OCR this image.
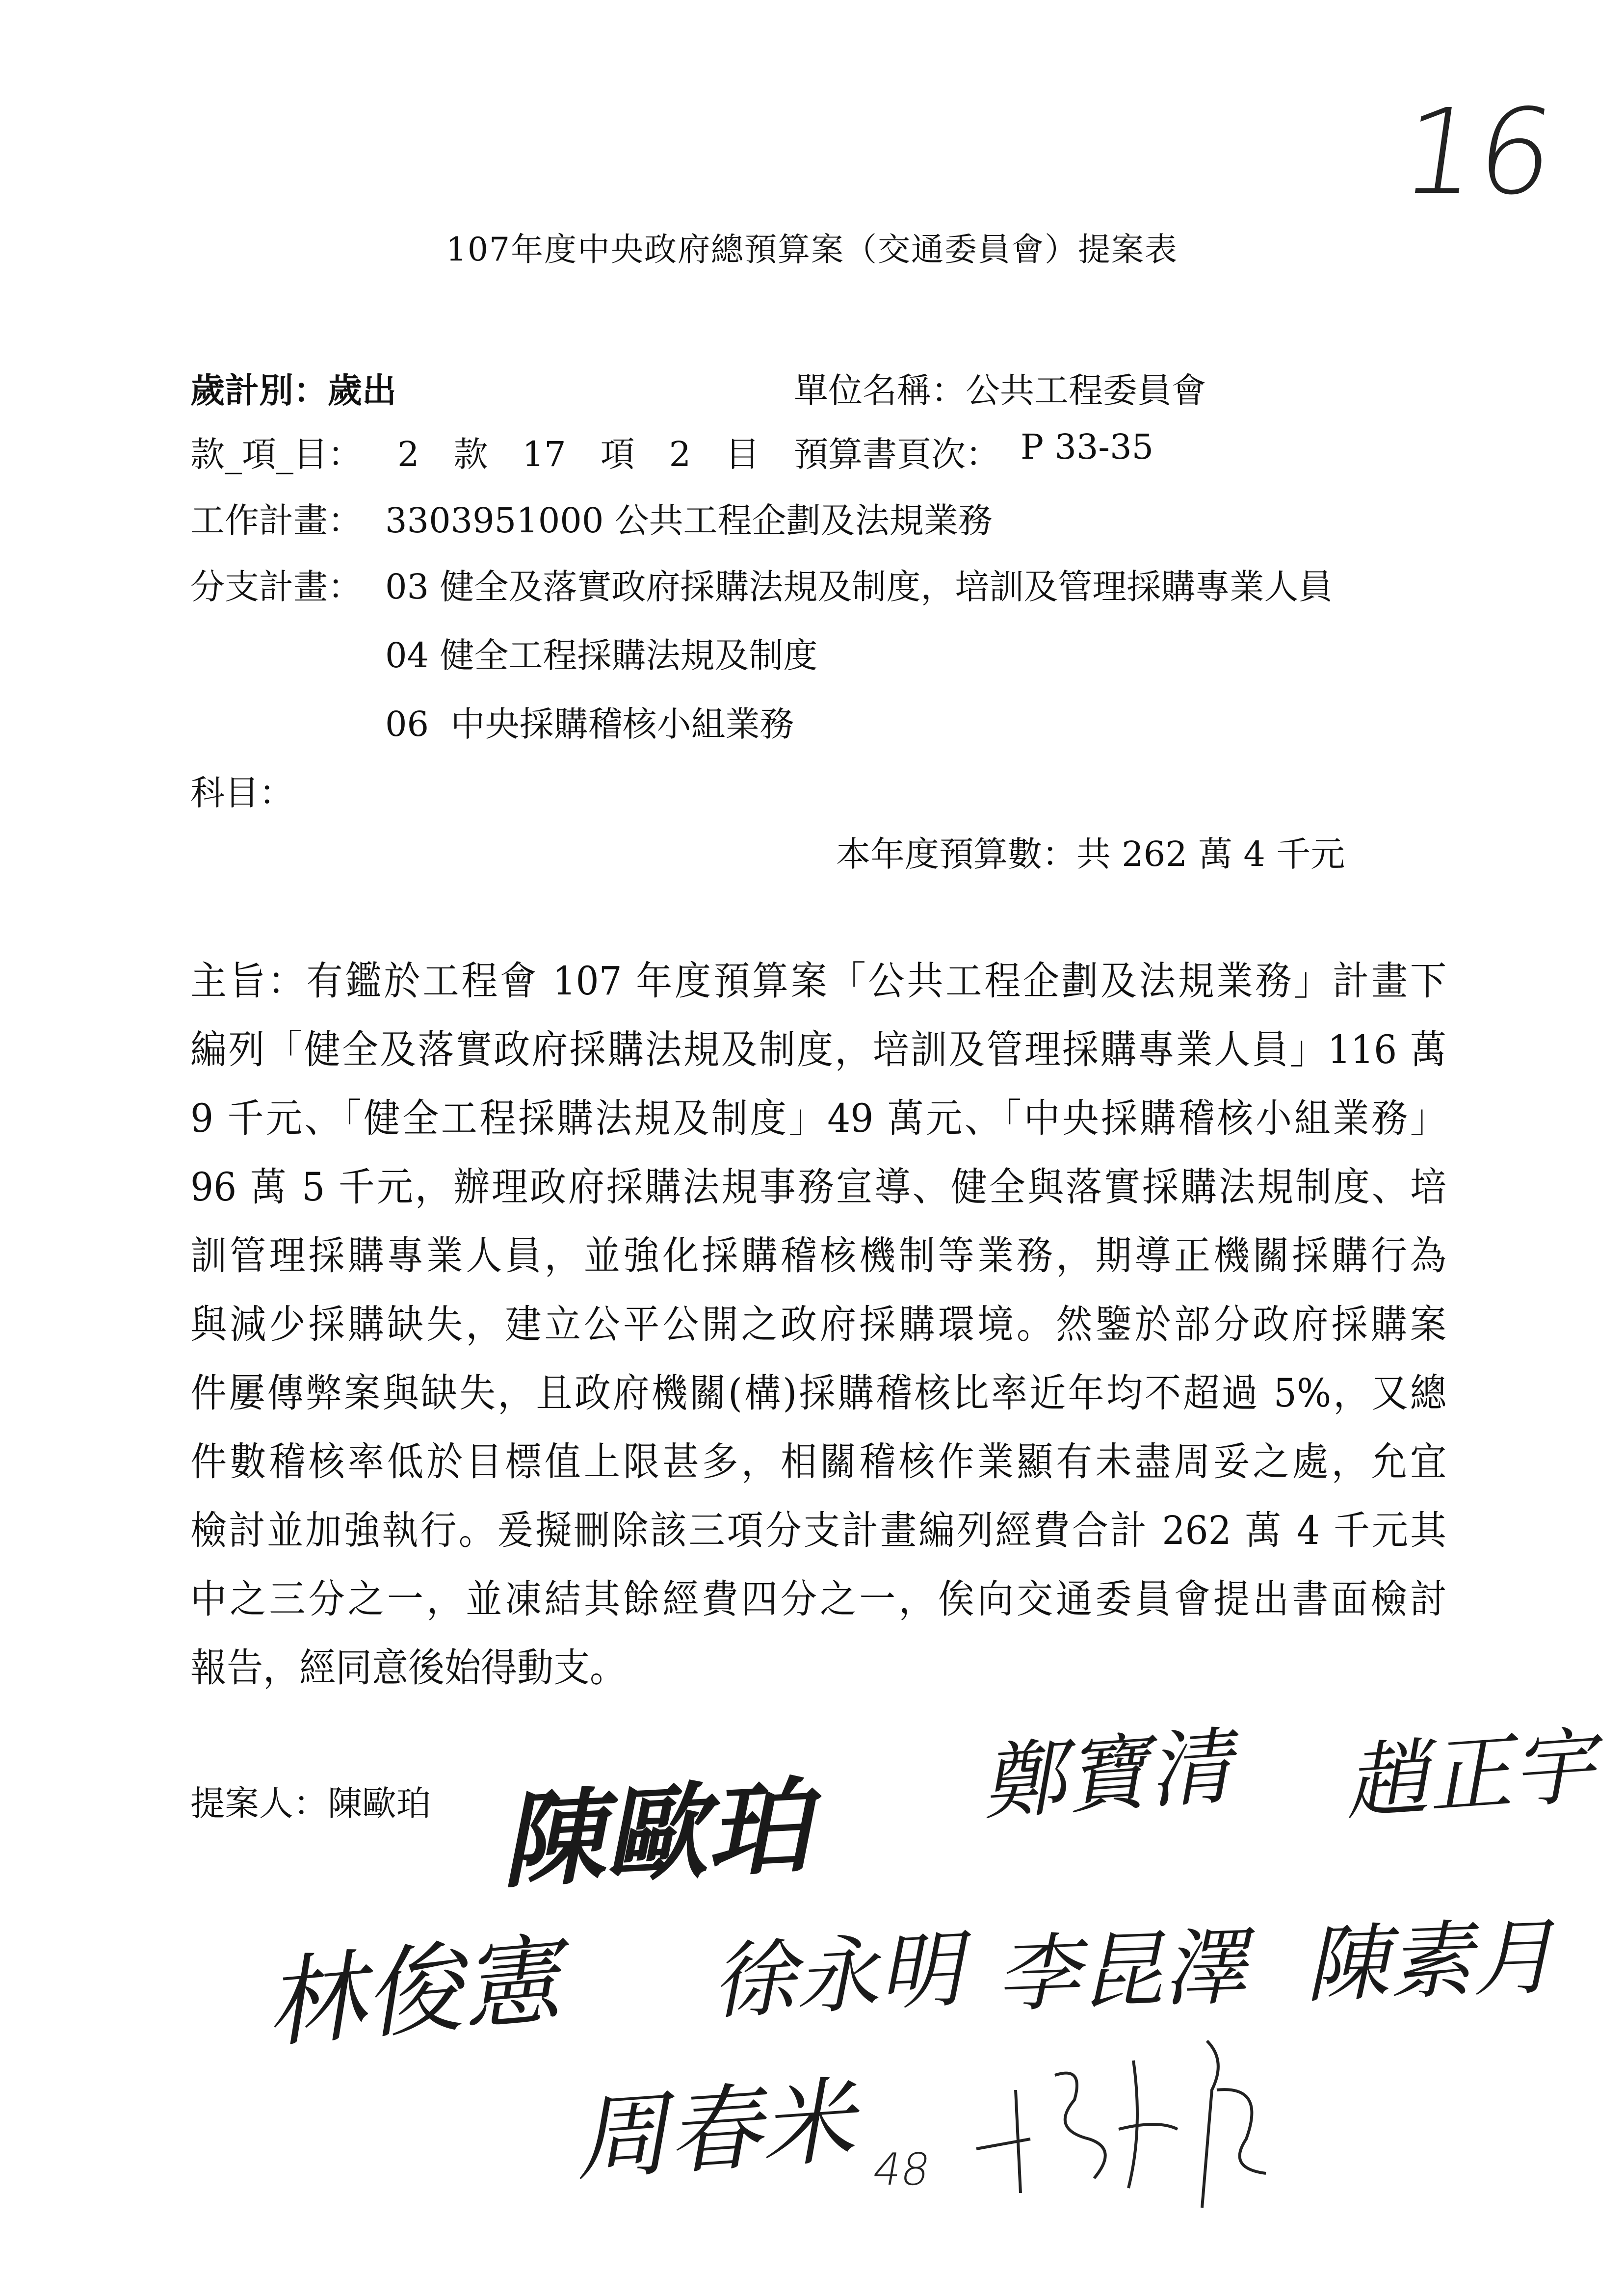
16
107年度中央政府總預算案（交通委員會）提案表
歲計別：歲出	單位名稱：公共工程委員會
款_項_目： 2　款　17　項　2　目 預算書頁次： P 33-35
工作計畫： 3303951000 公共工程企劃及法規業務
分支計畫： 03 健全及落實政府採購法規及制度，培訓及管理採購專業人員
04 健全工程採購法規及制度
06  中央採購稽核小組業務
科目：
本年度預算數：共 262 萬 4 千元
主旨：有鑑於工程會 107 年度預算案「公共工程企劃及法規業務」計畫下
編列「健全及落實政府採購法規及制度，培訓及管理採購專業人員」116 萬
9 千元、「健全工程採購法規及制度」49 萬元、「中央採購稽核小組業務」
96 萬 5 千元，辦理政府採購法規事務宣導、健全與落實採購法規制度、培
訓管理採購專業人員，並強化採購稽核機制等業務，期導正機關採購行為
與減少採購缺失，建立公平公開之政府採購環境。然鑒於部分政府採購案
件屢傳弊案與缺失，且政府機關(構)採購稽核比率近年均不超過 5%，又總
件數稽核率低於目標值上限甚多，相關稽核作業顯有未盡周妥之處，允宜
檢討並加強執行。爰擬刪除該三項分支計畫編列經費合計 262 萬 4 千元其
中之三分之一，並凍結其餘經費四分之一，俟向交通委員會提出書面檢討
報告，經同意後始得動支。
提案人：陳歐珀 陳歐珀 鄭寶清 趙正宇
林俊憲 徐永明 李昆澤 陳素月
周春米 48
